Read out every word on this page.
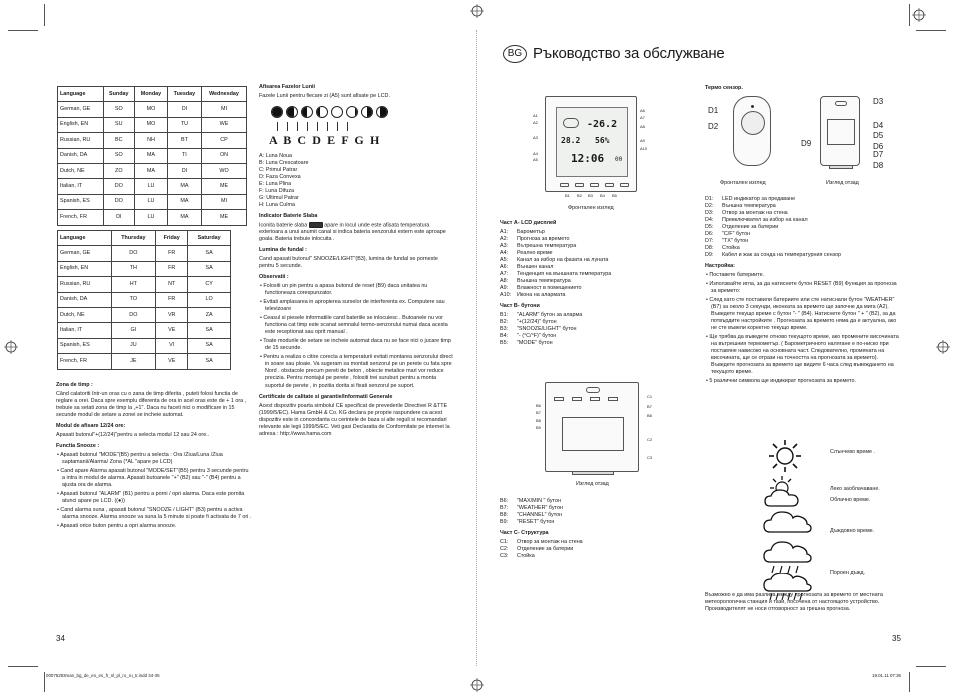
BG Ръководство за обслужване
Language	Sunday	Monday	Tuesday	Wednesday
German, GE	SO	MO	DI	MI
English, EN	SU	MO	TU	WE
Russian, RU	BC	NH	BT	CP
Danish, DA	SO	MA	TI	ON
Dutch, NE	ZO	MA	DI	WO
Italian, IT	DO	LU	MA	ME
Spanish, ES	DO	LU	MA	MI
French, FR	DI	LU	MA	ME
Language	Thursday	Friday	Saturday
German, GE	DO	FR	SA
English, EN	TH	FR	SA
Russian, RU	HT	NT	CY
Danish, DA	TO	FR	LO
Dutch, NE	DO	VR	ZA
Italian, IT	GI	VE	SA
Spanish, ES	JU	VI	SA
French, FR	JE	VE	SA

Zona de timp :

Când calatoriti într-un oras cu o zana de timp diferita , puteti folosi functia de reglare a orei. Daca spre exemplu diferenta de ora in acel oras este de + 1 ora , trebuie sa setati zona de timp la „+1". Daca nu faceti nici o modificare in 15 secunde modul de setare a zonei se incheie automat.

Modul de afisare 12/24 ore:

Apasati butonul"+(12/24)"pentru a selecta modul 12 sau 24 ore..

Functia Snooze :

• Apasati butonul "MODE"(B5) pentru a selecta : Ora /Ziua/Luna /Ziua saptamanii/Alarma/ Zona (*AL "apare pe LCD)

• Cand apare Alarma apasati butonul "MODE/SET"(B5) pentru 3 secunde pentru a intra in modul de alarma. Apasati butoanele "+" (B2) sau "-" (B4) pentru a ajusta ora de alarma.

• Apasati butonul "ALARM" (B1) pentru a porni / opri alarma. Daca este pornita atunci apare pe LCD. ((●))

• Cand alarma suna , apasati butonul "SNOOZE / LIGHT" (B3) pentru a activa alarma snooze. Alarma snooze va suna la 5 minute si poate fi activata de 7 ori .

• Apasati orice buton pentru a opri alarma snooze.

34

Afisarea Fazelor Lunii

Fazele Lunii pentru fiecare zi (A5) sunt afisate pe LCD.

A B C D E F G H
A: Luna Noua
B: Luna Crescatoare
C: Primul Patrar
D: Faza Convexa
E: Luna Plina
F: Luna Difuza
G: Ultimul Patrar
H: Luna Culma

Indicator Baterie Slaba

Iconita baterie slaba	apare in locul unde este afisata temperatura exterioara a unui anumit canal si indica bateria senzorului extern este aproape goala. Bateria trebuie inlocuita .

Lumina de fundal :

Cand apasati butonul" SNOOZE/LIGHT"(B3), lumina de fundal se porneste pentru 5 secunde.

Observatii :

• Folositi un pin pentru a apasa butonul de reset (B9) daca unitatea nu functioneaza corespunzator.

• Evitati amplasarea in apropierea surselor de interferenta ex. Computere sau televizoare

• Ceasul si piesele informatiile cand bateriile se inlocuiesc . Butoanele nu vor functiona cat timp este scanat semnalul termo-senzorului numai daca acesta este receptionat sau oprit manual .

• Toate modurile de setare se incheie automat daca nu se face nici o jucare timp de 15 secunde.

• Pentru a realiza o citire corecta a temperaturii evitati montarea senzorului direct in soare sau ploaie. Va sugeram sa montati senzorul pe un perete cu fata spre Nord . obstacole precum pereti de beton , obiecte metalice mari vor reduce precizia. Pentru montajul pe perete , folositi trei suruburi pentru a monta suportul de perete , in pozitia dorita si fixati senzorul pe suport.

Certificate de calitate si garantie/Informatii Generale

Acest dispozitiv poarta simbolul CE specificat de preveder​ile Directivei R &TTE (1999/5/EC). Hama GmbH & Co. KG declara pe proprie raspundere ca acest dispozitiv este in concordanta cu cerintele de baza si alte reguli si recomandari relevante ale legii 1999/5/EC. Veti gasi Declaratia de Conformitate pe internet la adresa : http://www.hama.com

-26.2
28.2 56%
12:06 00
A1
A2
A3
A4
A5
A6
A7
A8
A9
A10
B1 B2 B3 B4 B5
Фронтален изглед
B6
B7
B8
B9
C1
B7
B8
C2
C3
Изглед отзад

Част А- LCD дисплей

A1:	Барометър
A2:	Прогноза за времето
A3:	Вътрешна температура
A4:	Реално време
A5:	Канал за избор на фазата на луната
A6:	Външен канал
A7:	Тенденция на външната температура
A8:	Външна температура
A9:	Влажност в помещението
A10:	Икона на алармата

Част В- бутони

B1:	"ALARM" бутон за аларма
B2:	"+(12/24)" бутон
B3:	"SNOOZE/LIGHT" бутон
B4:	"- (°C/°F)" бутон
B5:	"MODE" бутон
B6:	"MAX/MIN " бутон
B7:	"WEATHER" бутон
B8:	"CHANNEL" бутон
B9:	"RESET" бутон

Част С- Структура

C1:	Отвор за монтаж на стена
C2:	Отделение за батерии
C3:	Стойка
Термо сензор.
D1
D2
D3
D4
D5
D6
D7
D8
D9
Фронтален изглед	Изглед отзад
D1:	LED индикатор за предаване
D2:	Външна температура
D3:	Отвор за монтаж на стена
D4:	Превключвател за избор на канал
D5:	Отделение за батерии
D6:	"C/F" бутон
D7:	"TX" бутон
D8:	Стойка
D9:	Кабел и жак за сонда на температурния сензор

Настройка:

• Поставете батериите.

• Използвайте игла, за да натиснете бутон RESET (B9) Функция за прогноза за времето:

• След като сте поставили батериите или сте натиснали бутон "WEATHER" (B7) за около 3 секунди, иконката за времето ще започне да мига (A2). Въведете текущо време с бутон "- " (B4). Натиснете бутон " + " (B2), за да потвърдите настройките . Прогнозата за времето няма да е актуална, ако не сте въвели коректно текущо време.

• Ще трябва да въведете отново текущото време, ако промените височината на вътрешния термометър. ( Барометричното налягане е по-ниско при поставяне нависоко на основната част. Следователно, промяната на височината, ще се отрази на точността на прогнозата за времето). Въведете прогнозата за времето ще видите 6 часа след въвеждането на текущото време.

• 5 различни символа ще индикират прогнозата за времето.

Слънчево време .
Леко заоблачаване.
Облачно време.
Дъждовно време.
Пороен дъжд.
Възможно е да има разлика между прогнозата за времето от местната метеорологична станция и тази, посочена от настоящото устройство. Производителят не носи отговорност за грешна прогноза.
35
00075293man_bg_de_en_es_fr_nl_pl_ro_ru_tr.indd 34-35	19.01.11 07:36
